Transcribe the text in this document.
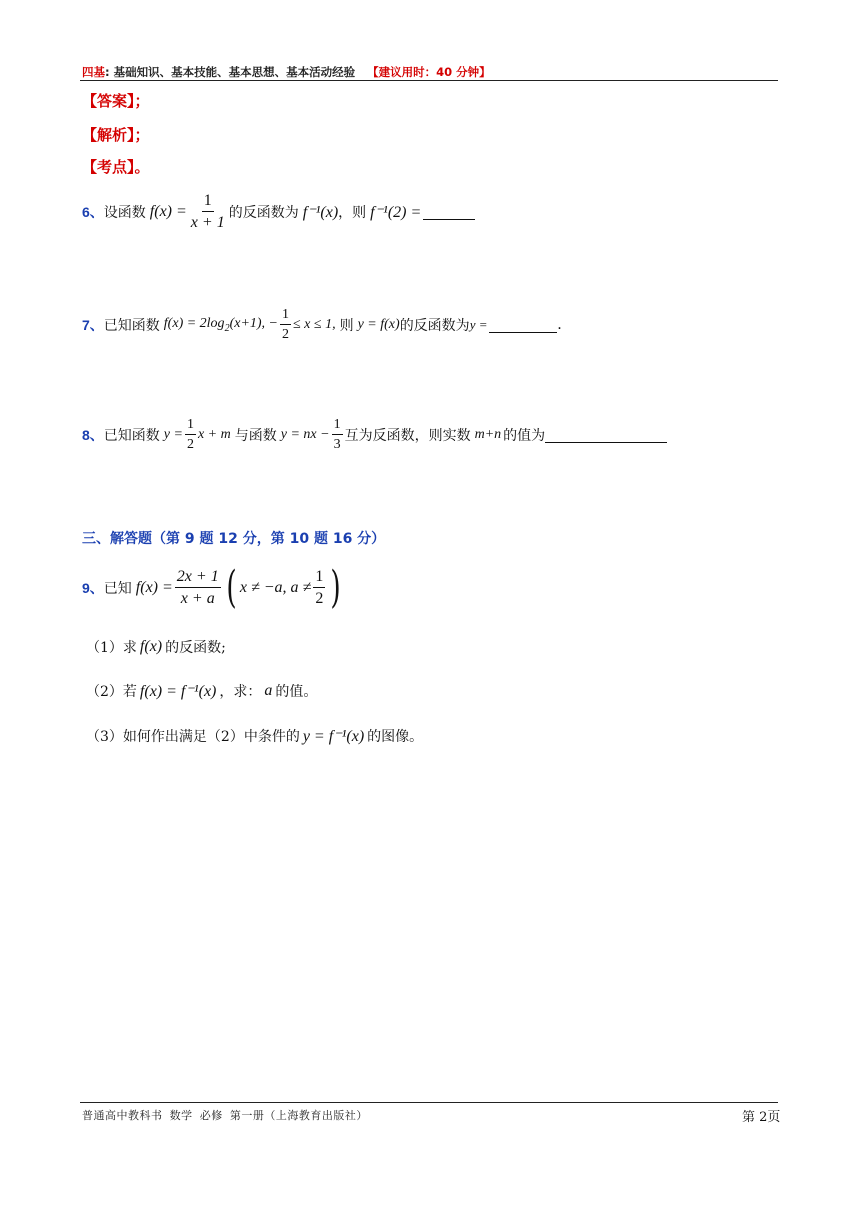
四基: 基础知识、基本技能、基本思想、基本活动经验 【建议用时：40 分钟】
【答案】；
【解析】；
【考点】。
6、 设函数 $f(x) = \frac{1}{x + 1}$ 的反函数为 f⁻¹(x) ，则 f⁻¹(2) =
7、 已知函数 $f(x) = 2\log_2(x+1)$, − $\frac{1}{2} \le x \le 1$, 则 y = f(x) 的反函数为 y =	.
8、 已知函数 $y = \frac{1}{2}$ x + m 与函数 y = nx − $\frac{1}{3}$ 互为反函数，则实数 m+n 的值为
三、解答题（第 9 题 12 分，第 10 题 16 分）
9、 已知 $f(x) = \frac{2x + 1}{x + a}$ ( x ≠ −a, $a \ne \frac{1}{2}$ )
（1）求 f(x) 的反函数;
（2）若 f(x) = f⁻¹(x) ，求： a 的值。
（3）如何作出满足（2）中条件的 y = f⁻¹(x) 的图像。
普通高中教科书 数学 必修 第一册（上海教育出版社）	第 2页
